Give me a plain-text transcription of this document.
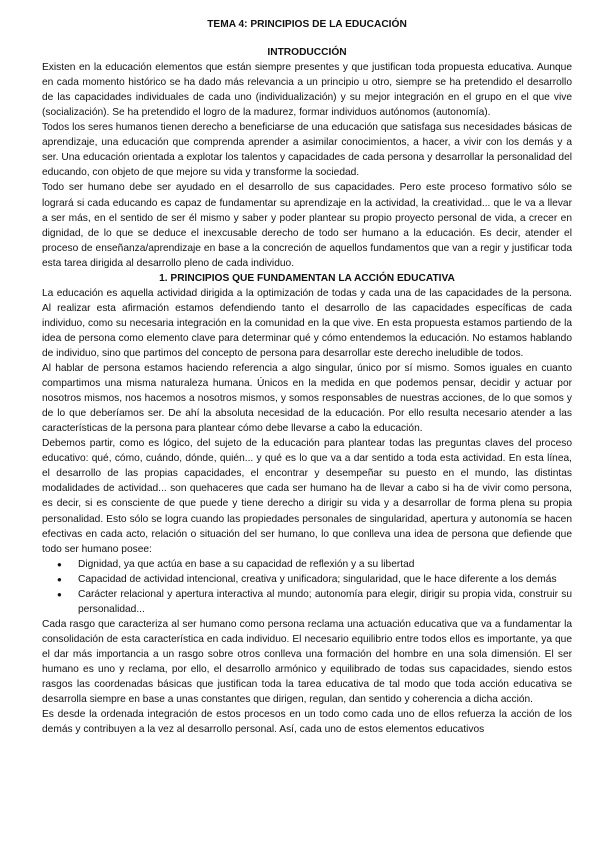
TEMA 4: PRINCIPIOS DE LA EDUCACIÓN
INTRODUCCIÓN

Existen en la educación elementos que están siempre presentes y que justifican toda propuesta educativa. Aunque en cada momento histórico se ha dado más relevancia a un principio u otro, siempre se ha pretendido el desarrollo de las capacidades individuales de cada uno (individualización) y su mejor integración en el grupo en el que vive (socialización). Se ha pretendido el logro de la madurez, formar individuos autónomos (autonomía).

Todos los seres humanos tienen derecho a beneficiarse de una educación que satisfaga sus necesidades básicas de aprendizaje, una educación que comprenda aprender a asimilar conocimientos, a hacer, a vivir con los demás y a ser. Una educación orientada a explotar los talentos y capacidades de cada persona y desarrollar la personalidad del educando, con objeto de que mejore su vida y transforme la sociedad.

Todo ser humano debe ser ayudado en el desarrollo de sus capacidades. Pero este proceso formativo sólo se logrará si cada educando es capaz de fundamentar su aprendizaje en la actividad, la creatividad... que le va a llevar a ser más, en el sentido de ser él mismo y saber y poder plantear su propio proyecto personal de vida, a crecer en dignidad, de lo que se deduce el inexcusable derecho de todo ser humano a la educación. Es decir, atender el proceso de enseñanza/aprendizaje en base a la concreción de aquellos fundamentos que van a regir y justificar toda esta tarea dirigida al desarrollo pleno de cada individuo.

1. PRINCIPIOS QUE FUNDAMENTAN LA ACCIÓN EDUCATIVA

La educación es aquella actividad dirigida a la optimización de todas y cada una de las capacidades de la persona. Al realizar esta afirmación estamos defendiendo tanto el desarrollo de las capacidades específicas de cada individuo, como su necesaria integración en la comunidad en la que vive. En esta propuesta estamos partiendo de la idea de persona como elemento clave para determinar qué y cómo entendemos la educación. No estamos hablando de individuo, sino que partimos del concepto de persona para desarrollar este derecho ineludible de todos.

Al hablar de persona estamos haciendo referencia a algo singular, único por sí mismo. Somos iguales en cuanto compartimos una misma naturaleza humana. Únicos en la medida en que podemos pensar, decidir y actuar por nosotros mismos, nos hacemos a nosotros mismos, y somos responsables de nuestras acciones, de lo que somos y de lo que deberíamos ser. De ahí la absoluta necesidad de la educación. Por ello resulta necesario atender a las características de la persona para plantear cómo debe llevarse a cabo la educación.

Debemos partir, como es lógico, del sujeto de la educación para plantear todas las preguntas claves del proceso educativo: qué, cómo, cuándo, dónde, quién... y qué es lo que va a dar sentido a toda esta actividad. En esta línea, el desarrollo de las propias capacidades, el encontrar y desempeñar su puesto en el mundo, las distintas modalidades de actividad... son quehaceres que cada ser humano ha de llevar a cabo si ha de vivir como persona, es decir, si es consciente de que puede y tiene derecho a dirigir su vida y a desarrollar de forma plena su propia personalidad. Esto sólo se logra cuando las propiedades personales de singularidad, apertura y autonomía se hacen efectivas en cada acto, relación o situación del ser humano, lo que conlleva una idea de persona que defiende que todo ser humano posee:

● Dignidad, ya que actúa en base a su capacidad de reflexión y a su libertad
● Capacidad de actividad intencional, creativa y unificadora; singularidad, que le hace diferente a los demás
● Carácter relacional y apertura interactiva al mundo; autonomía para elegir, dirigir su propia vida, construir su personalidad...

Cada rasgo que caracteriza al ser humano como persona reclama una actuación educativa que va a fundamentar la consolidación de esta característica en cada individuo. El necesario equilibrio entre todos ellos es importante, ya que el dar más importancia a un rasgo sobre otros conlleva una formación del hombre en una sola dimensión. El ser humano es uno y reclama, por ello, el desarrollo armónico y equilibrado de todas sus capacidades, siendo estos rasgos las coordenadas básicas que justifican toda la tarea educativa de tal modo que toda acción educativa se desarrolla siempre en base a unas constantes que dirigen, regulan, dan sentido y coherencia a dicha acción.

Es desde la ordenada integración de estos procesos en un todo como cada uno de ellos refuerza la acción de los demás y contribuyen a la vez al desarrollo personal. Así, cada uno de estos elementos educativos
